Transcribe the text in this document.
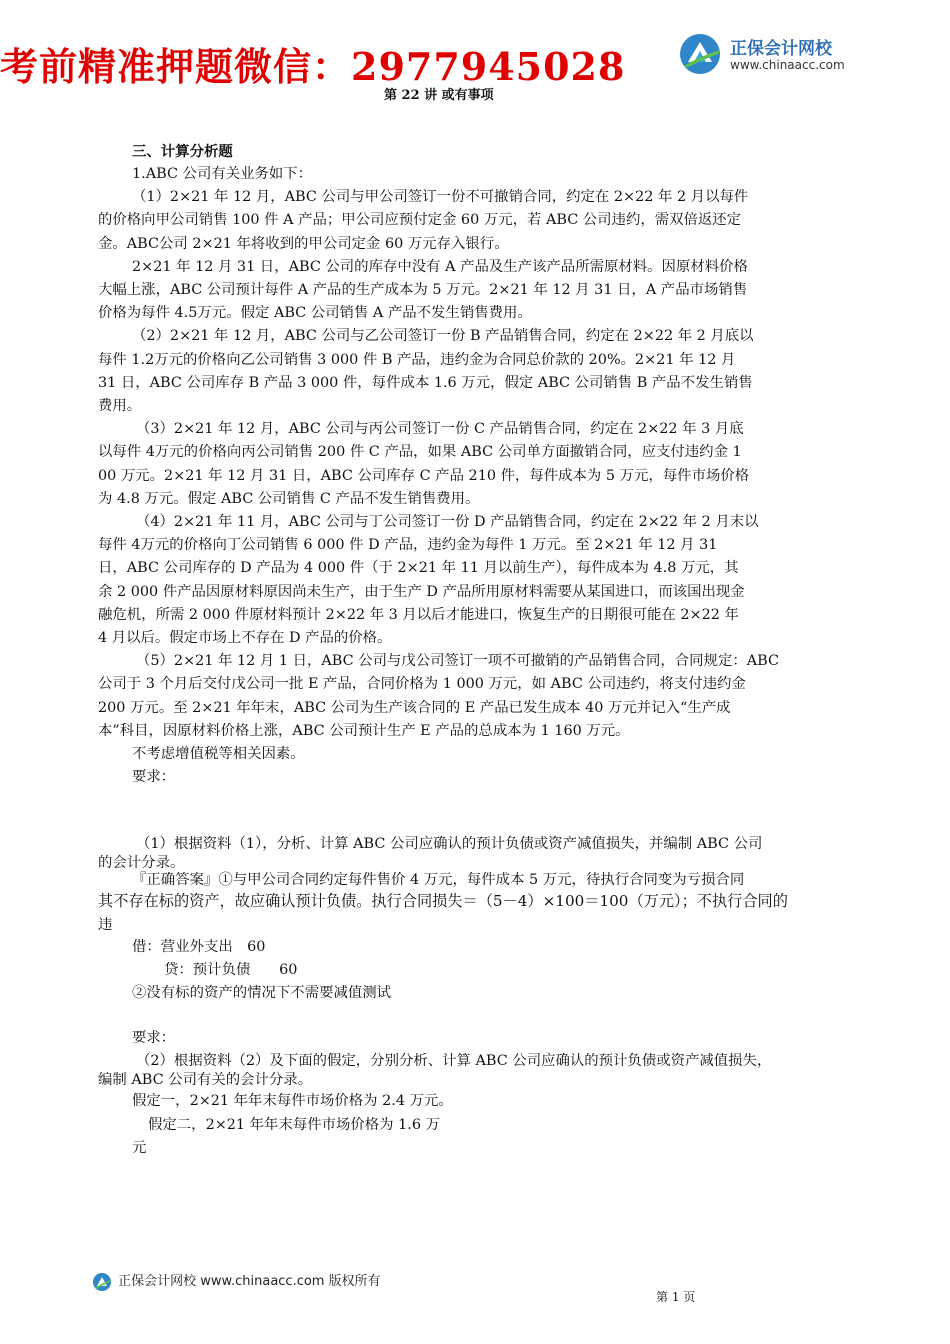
考前精准押题微信：2977945028	正保会计网校
www.chinaacc.com
第 22 讲 或有事项
三、计算分析题
1.ABC 公司有关业务如下：
（1）2×21 年 12 月，ABC 公司与甲公司签订一份不可撤销合同，约定在 2×22 年 2 月以每件
的价格向甲公司销售 100 件 A 产品；甲公司应预付定金 60 万元，若 ABC 公司违约，需双倍返还定
金。ABC公司 2×21 年将收到的甲公司定金 60 万元存入银行。
2×21 年 12 月 31 日，ABC 公司的库存中没有 A 产品及生产该产品所需原材料。因原材料价格
大幅上涨，ABC 公司预计每件 A 产品的生产成本为 5 万元。2×21 年 12 月 31 日，A 产品市场销售
价格为每件 4.5万元。假定 ABC 公司销售 A 产品不发生销售费用。
（2）2×21 年 12 月，ABC 公司与乙公司签订一份 B 产品销售合同，约定在 2×22 年 2 月底以
每件 1.2万元的价格向乙公司销售 3 000 件 B 产品，违约金为合同总价款的 20%。2×21 年 12 月
31 日，ABC 公司库存 B 产品 3 000 件，每件成本 1.6 万元，假定 ABC 公司销售 B 产品不发生销售
费用。
（3）2×21 年 12 月，ABC 公司与丙公司签订一份 C 产品销售合同，约定在 2×22 年 3 月底
以每件 4万元的价格向丙公司销售 200 件 C 产品，如果 ABC 公司单方面撤销合同，应支付违约金 1
00 万元。2×21 年 12 月 31 日，ABC 公司库存 C 产品 210 件，每件成本为 5 万元，每件市场价格
为 4.8 万元。假定 ABC 公司销售 C 产品不发生销售费用。
（4）2×21 年 11 月，ABC 公司与丁公司签订一份 D 产品销售合同，约定在 2×22 年 2 月末以
每件 4万元的价格向丁公司销售 6 000 件 D 产品，违约金为每件 1 万元。至 2×21 年 12 月 31
日，ABC 公司库存的 D 产品为 4 000 件（于 2×21 年 11 月以前生产），每件成本为 4.8 万元，其
余 2 000 件产品因原材料原因尚未生产，由于生产 D 产品所用原材料需要从某国进口，而该国出现金
融危机，所需 2 000 件原材料预计 2×22 年 3 月以后才能进口，恢复生产的日期很可能在 2×22 年
4 月以后。假定市场上不存在 D 产品的价格。
（5）2×21 年 12 月 1 日，ABC 公司与戊公司签订一项不可撤销的产品销售合同，合同规定：ABC
公司于 3 个月后交付戊公司一批 E 产品，合同价格为 1 000 万元，如 ABC 公司违约，将支付违约金
200 万元。至 2×21 年年末，ABC 公司为生产该合同的 E 产品已发生成本 40 万元并记入“生产成
本”科目，因原材料价格上涨，ABC 公司预计生产 E 产品的总成本为 1 160 万元。
不考虑增值税等相关因素。
要求：
（1）根据资料（1），分析、计算 ABC 公司应确认的预计负债或资产减值损失，并编制 ABC 公司
的会计分录。
『正确答案』①与甲公司合同约定每件售价 4 万元，每件成本 5 万元，待执行合同变为亏损合同
其不存在标的资产，故应确认预计负债。执行合同损失＝（5－4）×100＝100（万元）；不执行合同的
违
借：营业外支出　60
贷：预计负债　　60
②没有标的资产的情况下不需要减值测试
要求：
（2）根据资料（2）及下面的假定，分别分析、计算 ABC 公司应确认的预计负债或资产减值损失，
编制 ABC 公司有关的会计分录。
假定一，2×21 年年末每件市场价格为 2.4 万元。
假定二，2×21 年年末每件市场价格为 1.6 万
元
正保会计网校 www.chinaacc.com 版权所有
第 1 页
